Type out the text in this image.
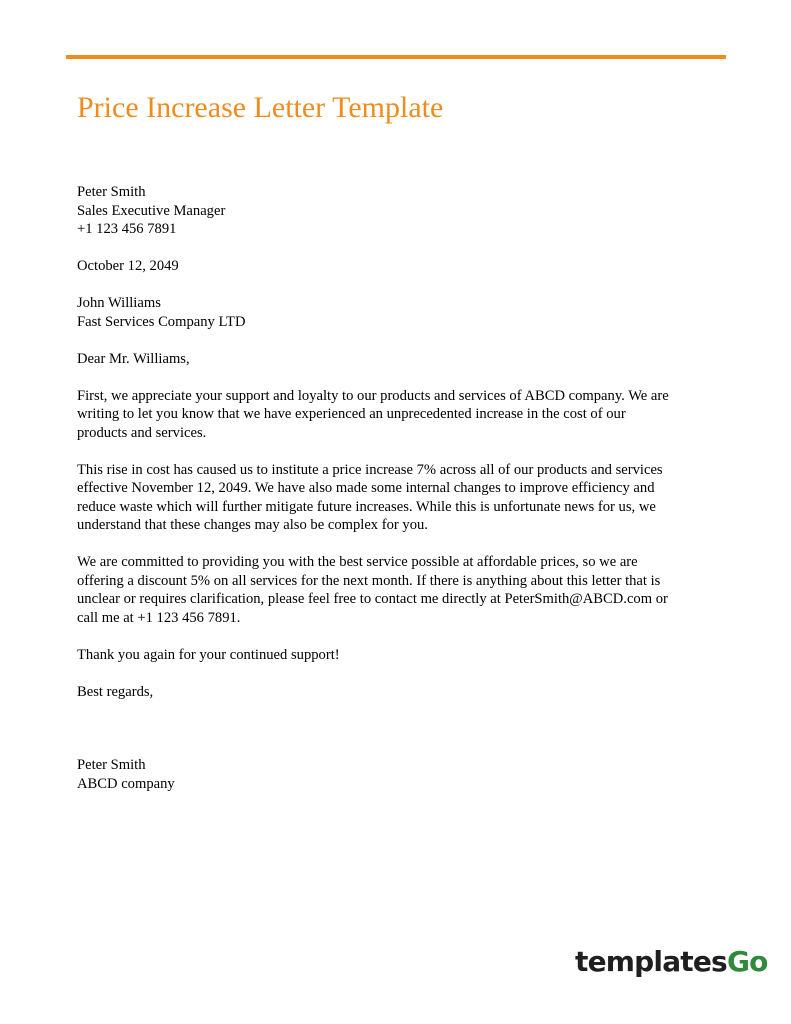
Price Increase Letter Template
Peter Smith
Sales Executive Manager
+1 123 456 7891
October 12, 2049
John Williams
Fast Services Company LTD
Dear Mr. Williams,
First, we appreciate your support and loyalty to our products and services of ABCD company. We are
writing to let you know that we have experienced an unprecedented increase in the cost of our
products and services.
This rise in cost has caused us to institute a price increase 7% across all of our products and services
effective November 12, 2049. We have also made some internal changes to improve efficiency and
reduce waste which will further mitigate future increases. While this is unfortunate news for us, we
understand that these changes may also be complex for you.
We are committed to providing you with the best service possible at affordable prices, so we are
offering a discount 5% on all services for the next month. If there is anything about this letter that is
unclear or requires clarification, please feel free to contact me directly at PeterSmith@ABCD.com or
call me at +1 123 456 7891.
Thank you again for your continued support!
Best regards,
Peter Smith
ABCD company
templatesGo
